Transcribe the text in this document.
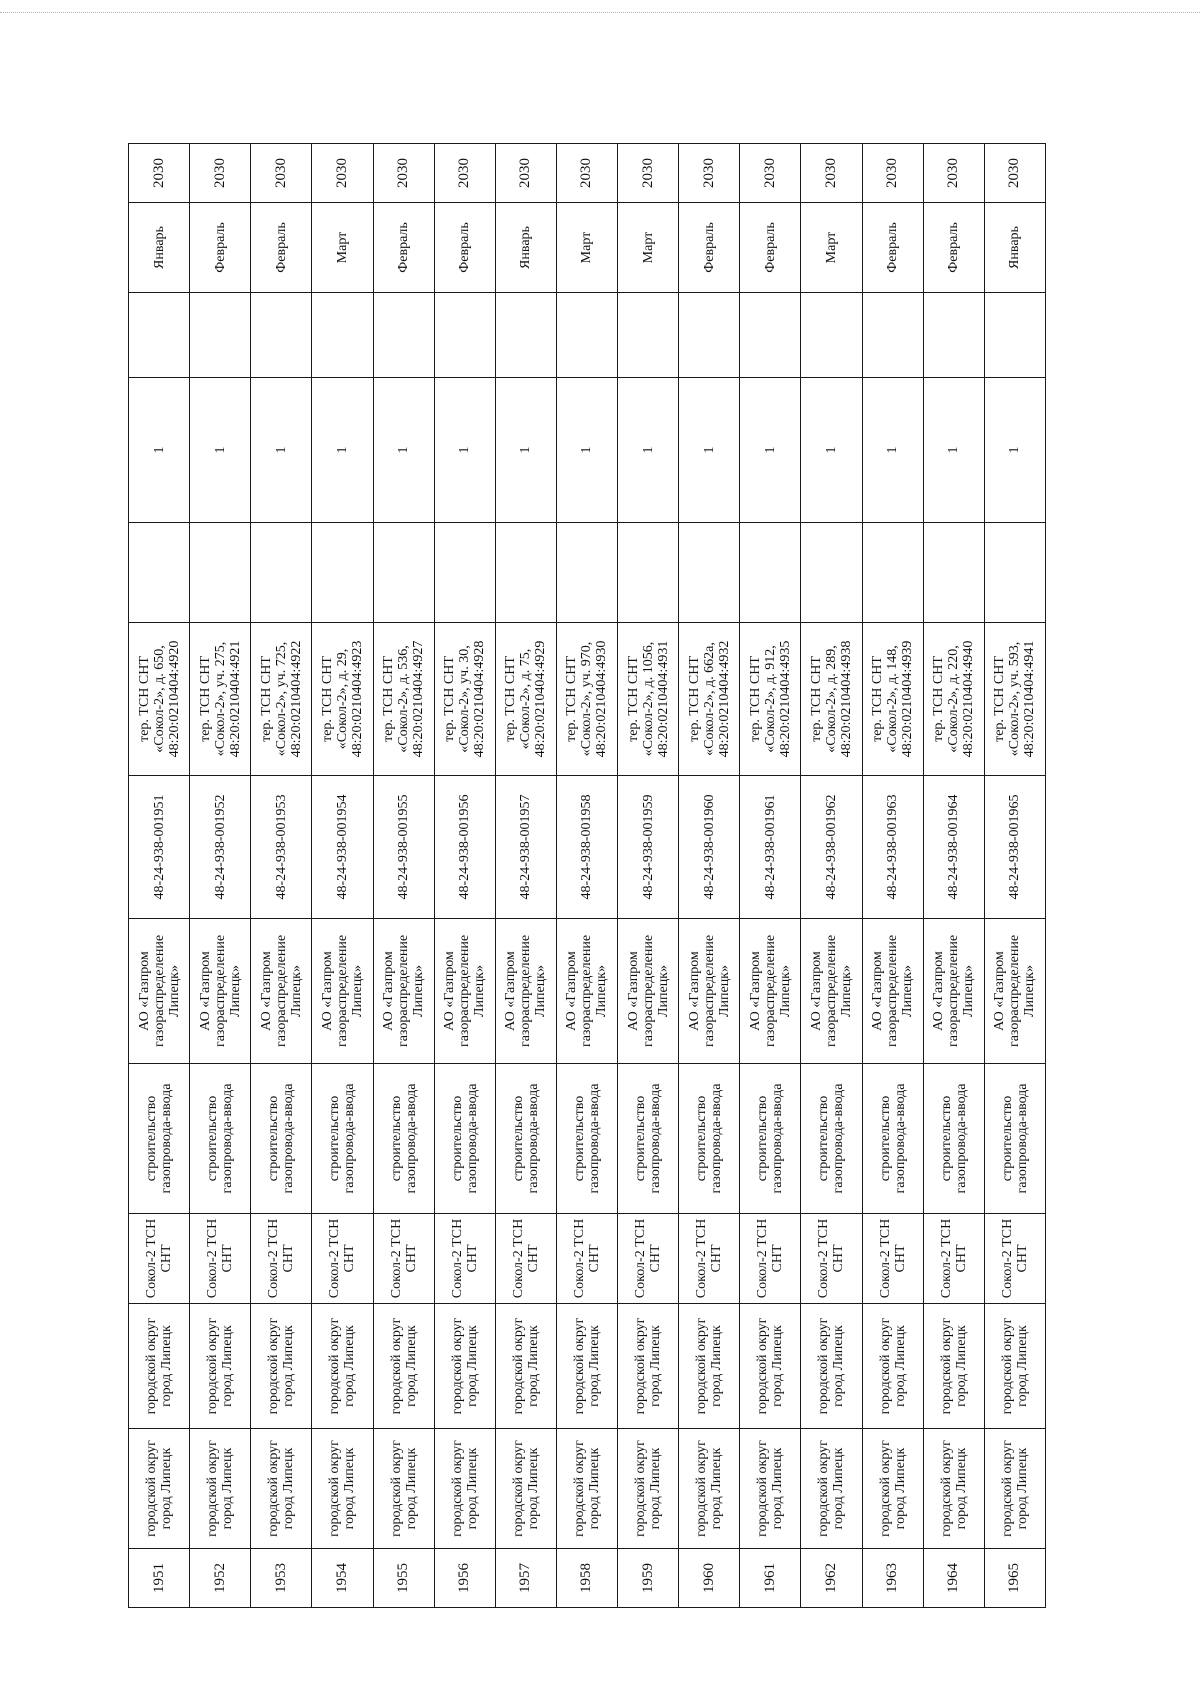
1951	городской округ город Липецк	городской округ город Липецк	Сокол-2 ТСН СНТ	строительство газопровода-ввода	АО «Газпром газораспределение Липецк»	48-24-938-001951	тер. ТСН СНТ
«Сокол-2», д. 650,
48:20:0210404:4920		1		Январь	2030
1952	городской округ город Липецк	городской округ город Липецк	Сокол-2 ТСН СНТ	строительство газопровода-ввода	АО «Газпром газораспределение Липецк»	48-24-938-001952	тер. ТСН СНТ
«Сокол-2», уч. 275,
48:20:0210404:4921		1		Февраль	2030
1953	городской округ город Липецк	городской округ город Липецк	Сокол-2 ТСН СНТ	строительство газопровода-ввода	АО «Газпром газораспределение Липецк»	48-24-938-001953	тер. ТСН СНТ
«Сокол-2», уч. 725,
48:20:0210404:4922		1		Февраль	2030
1954	городской округ город Липецк	городской округ город Липецк	Сокол-2 ТСН СНТ	строительство газопровода-ввода	АО «Газпром газораспределение Липецк»	48-24-938-001954	тер. ТСН СНТ
«Сокол-2», д. 29,
48:20:0210404:4923		1		Март	2030
1955	городской округ город Липецк	городской округ город Липецк	Сокол-2 ТСН СНТ	строительство газопровода-ввода	АО «Газпром газораспределение Липецк»	48-24-938-001955	тер. ТСН СНТ
«Сокол-2», д. 536,
48:20:0210404:4927		1		Февраль	2030
1956	городской округ город Липецк	городской округ город Липецк	Сокол-2 ТСН СНТ	строительство газопровода-ввода	АО «Газпром газораспределение Липецк»	48-24-938-001956	тер. ТСН СНТ
«Сокол-2», уч. 30,
48:20:0210404:4928		1		Февраль	2030
1957	городской округ город Липецк	городской округ город Липецк	Сокол-2 ТСН СНТ	строительство газопровода-ввода	АО «Газпром газораспределение Липецк»	48-24-938-001957	тер. ТСН СНТ
«Сокол-2», д. 75,
48:20:0210404:4929		1		Январь	2030
1958	городской округ город Липецк	городской округ город Липецк	Сокол-2 ТСН СНТ	строительство газопровода-ввода	АО «Газпром газораспределение Липецк»	48-24-938-001958	тер. ТСН СНТ
«Сокол-2», уч. 970,
48:20:0210404:4930		1		Март	2030
1959	городской округ город Липецк	городской округ город Липецк	Сокол-2 ТСН СНТ	строительство газопровода-ввода	АО «Газпром газораспределение Липецк»	48-24-938-001959	тер. ТСН СНТ
«Сокол-2», д. 1056,
48:20:0210404:4931		1		Март	2030
1960	городской округ город Липецк	городской округ город Липецк	Сокол-2 ТСН СНТ	строительство газопровода-ввода	АО «Газпром газораспределение Липецк»	48-24-938-001960	тер. ТСН СНТ
«Сокол-2», д. 662а,
48:20:0210404:4932		1		Февраль	2030
1961	городской округ город Липецк	городской округ город Липецк	Сокол-2 ТСН СНТ	строительство газопровода-ввода	АО «Газпром газораспределение Липецк»	48-24-938-001961	тер. ТСН СНТ
«Сокол-2», д. 912,
48:20:0210404:4935		1		Февраль	2030
1962	городской округ город Липецк	городской округ город Липецк	Сокол-2 ТСН СНТ	строительство газопровода-ввода	АО «Газпром газораспределение Липецк»	48-24-938-001962	тер. ТСН СНТ
«Сокол-2», д. 289,
48:20:0210404:4938		1		Март	2030
1963	городской округ город Липецк	городской округ город Липецк	Сокол-2 ТСН СНТ	строительство газопровода-ввода	АО «Газпром газораспределение Липецк»	48-24-938-001963	тер. ТСН СНТ
«Сокол-2», д. 148,
48:20:0210404:4939		1		Февраль	2030
1964	городской округ город Липецк	городской округ город Липецк	Сокол-2 ТСН СНТ	строительство газопровода-ввода	АО «Газпром газораспределение Липецк»	48-24-938-001964	тер. ТСН СНТ
«Сокол-2», д. 220,
48:20:0210404:4940		1		Февраль	2030
1965	городской округ город Липецк	городской округ город Липецк	Сокол-2 ТСН СНТ	строительство газопровода-ввода	АО «Газпром газораспределение Липецк»	48-24-938-001965	тер. ТСН СНТ
«Сокол-2», уч. 593,
48:20:0210404:4941		1		Январь	2030
